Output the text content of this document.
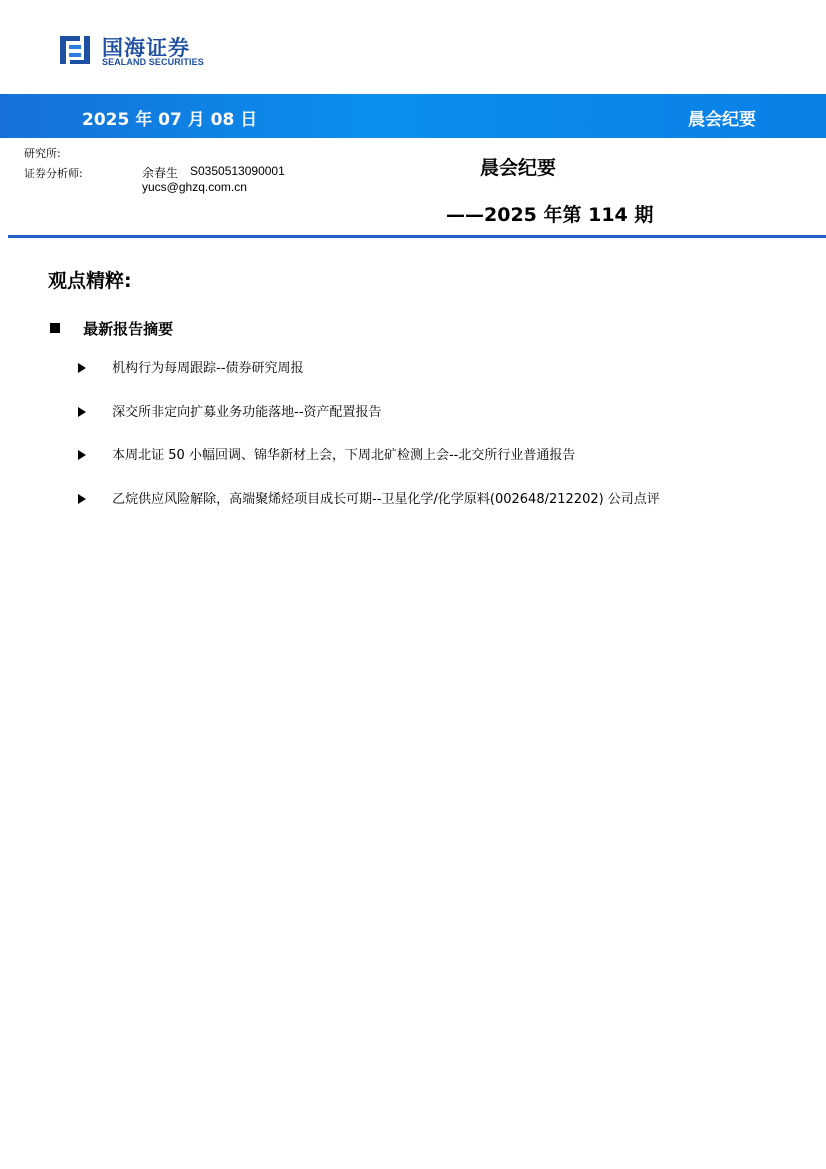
国海证券
SEALAND SECURITIES
2025 年 07 月 08 日	晨会纪要
研究所:
证券分析师:	余春生 S0350513090001
yucs@ghzq.com.cn
晨会纪要
——2025 年第 114 期
观点精粹:
最新报告摘要
机构行为每周跟踪--债券研究周报
深交所非定向扩募业务功能落地--资产配置报告
本周北证 50 小幅回调、锦华新材上会，下周北矿检测上会--北交所行业普通报告
乙烷供应风险解除，高端聚烯烃项目成长可期--卫星化学/化学原料(002648/212202) 公司点评
